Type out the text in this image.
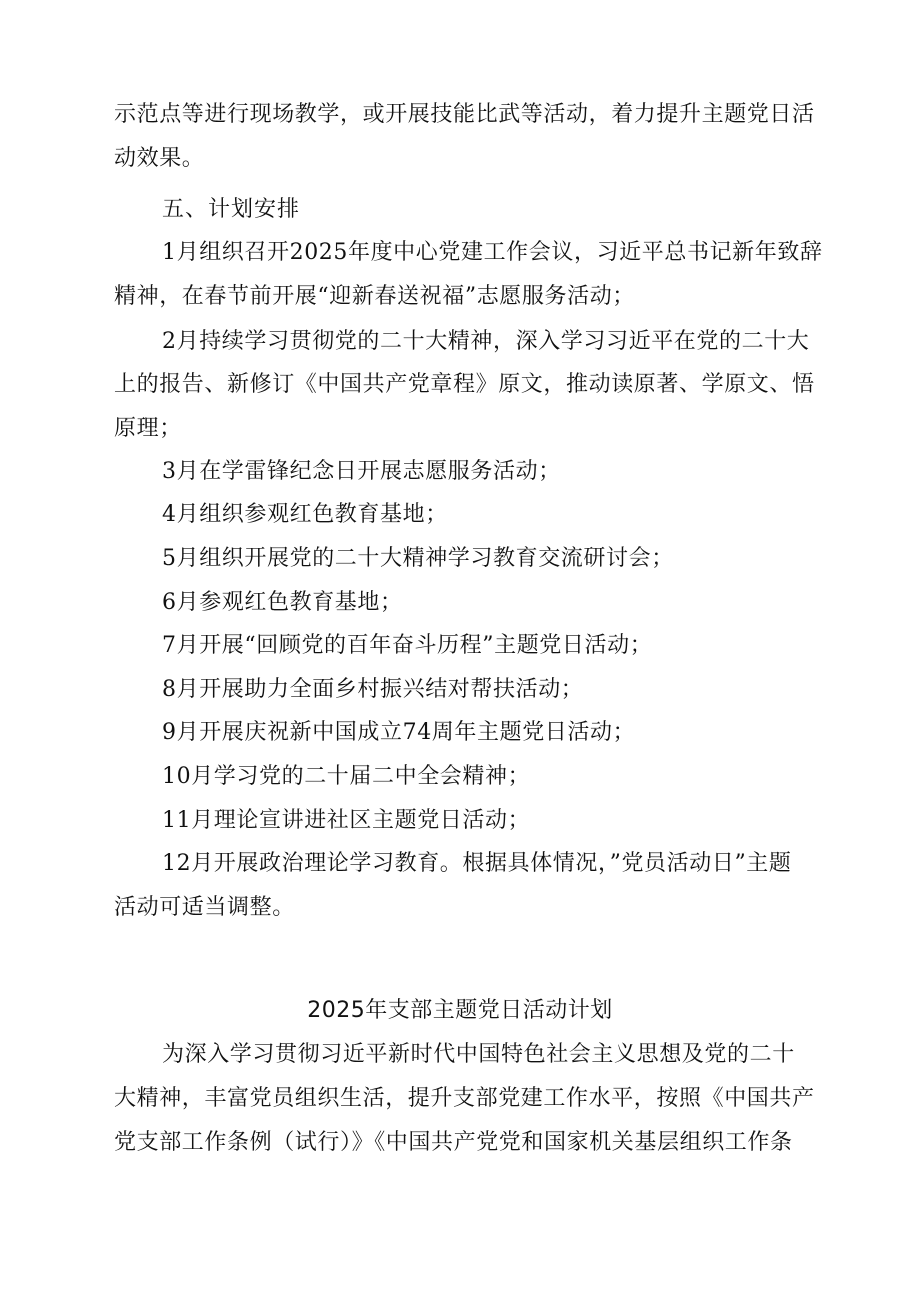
示范点等进行现场教学，或开展技能比武等活动，着力提升主题党日活
动效果。
五、计划安排
1月组织召开2025年度中心党建工作会议，习近平总书记新年致辞
精神，在春节前开展“迎新春送祝福”志愿服务活动；
2月持续学习贯彻党的二十大精神，深入学习习近平在党的二十大
上的报告、新修订《中国共产党章程》原文，推动读原著、学原文、悟
原理；
3月在学雷锋纪念日开展志愿服务活动；
4月组织参观红色教育基地；
5月组织开展党的二十大精神学习教育交流研讨会；
6月参观红色教育基地；
7月开展“回顾党的百年奋斗历程”主题党日活动；
8月开展助力全面乡村振兴结对帮扶活动；
9月开展庆祝新中国成立74周年主题党日活动；
10月学习党的二十届二中全会精神；
11月理论宣讲进社区主题党日活动；
12月开展政治理论学习教育。根据具体情况，”党员活动日”主题
活动可适当调整。
2025年支部主题党日活动计划
为深入学习贯彻习近平新时代中国特色社会主义思想及党的二十
大精神，丰富党员组织生活，提升支部党建工作水平，按照《中国共产
党支部工作条例（试行）》《中国共产党党和国家机关基层组织工作条
